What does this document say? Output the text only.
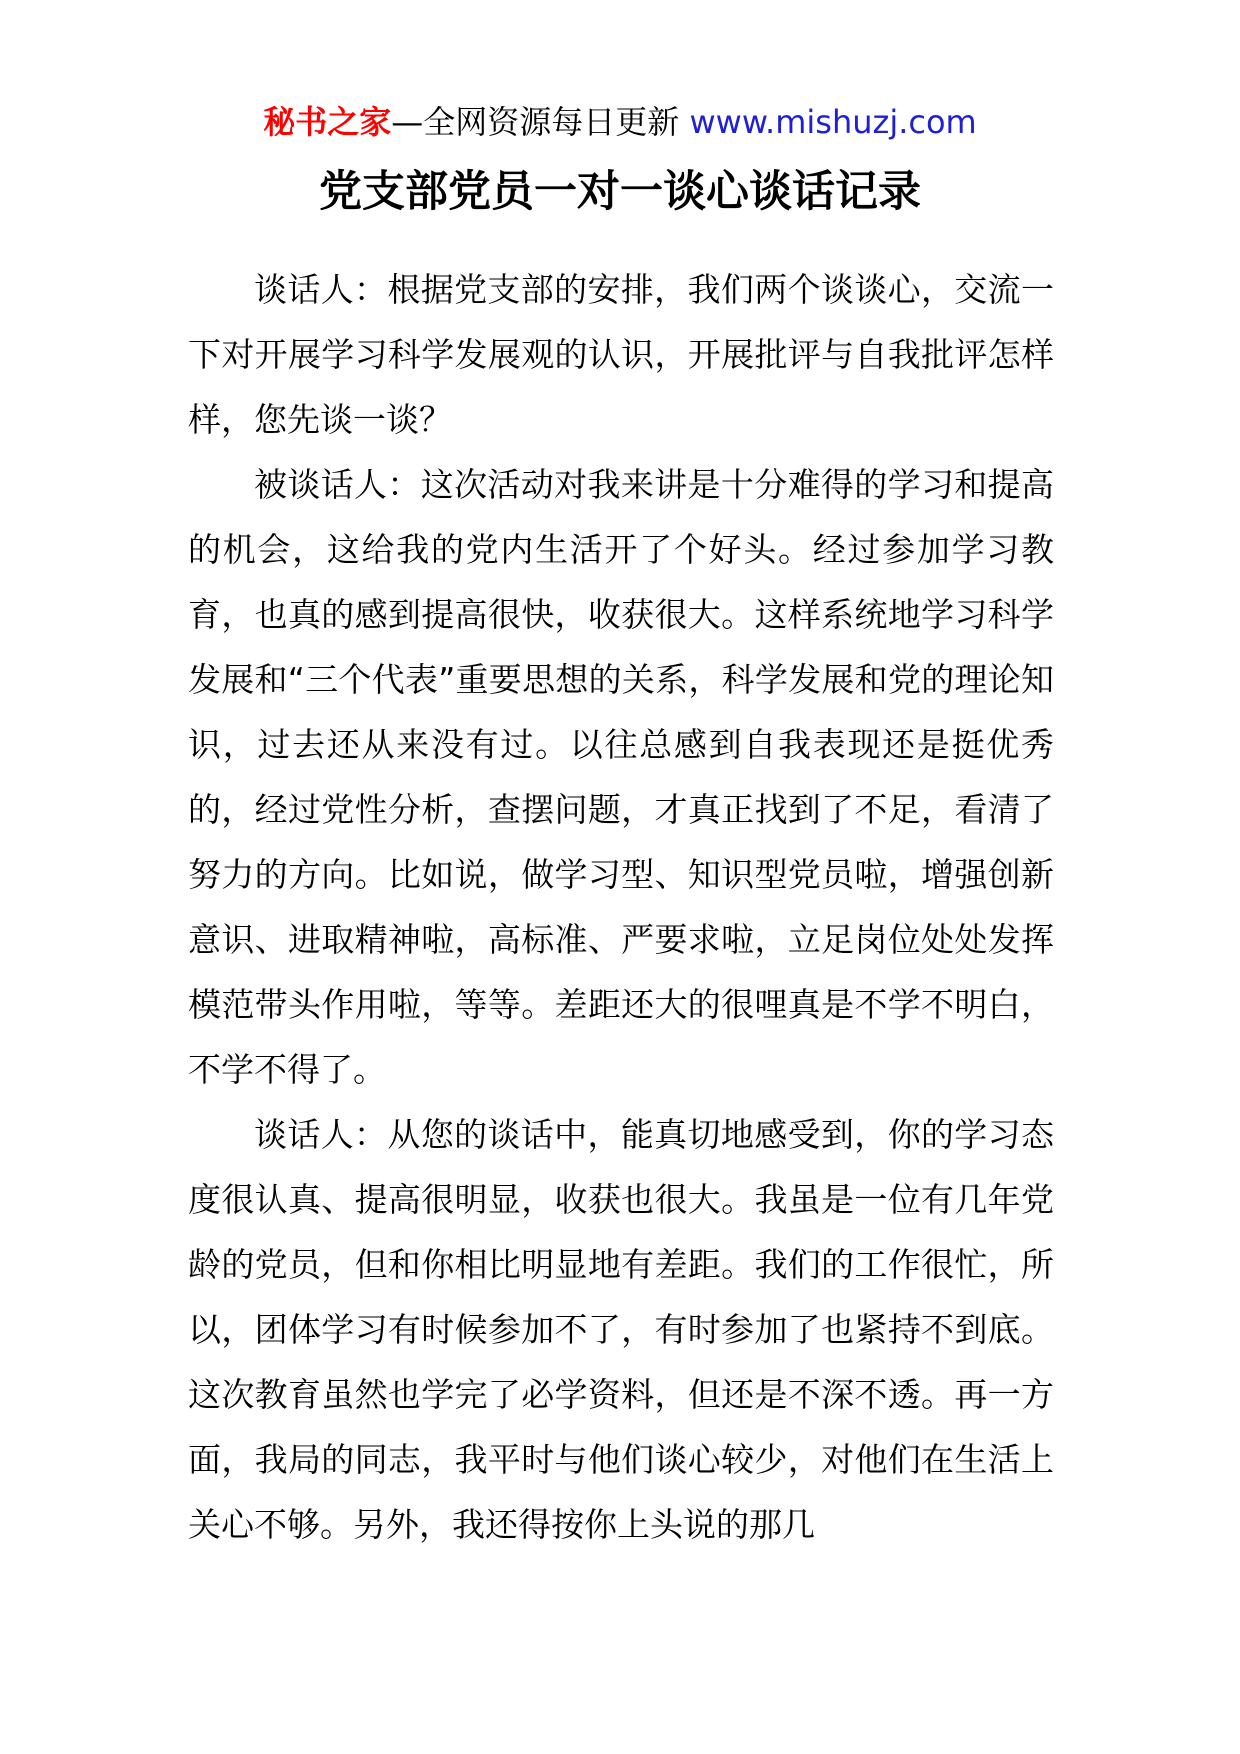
秘书之家—全网资源每日更新 www.mishuzj.com
党支部党员一对一谈心谈话记录

谈话人：根据党支部的安排，我们两个谈谈心，交流一下对开展学习科学发展观的认识，开展批评与自我批评怎样样，您先谈一谈？

被谈话人：这次活动对我来讲是十分难得的学习和提高的机会，这给我的党内生活开了个好头。经过参加学习教育，也真的感到提高很快，收获很大。这样系统地学习科学发展和“三个代表”重要思想的关系，科学发展和党的理论知识，过去还从来没有过。以往总感到自我表现还是挺优秀的，经过党性分析，查摆问题，才真正找到了不足，看清了努力的方向。比如说，做学习型、知识型党员啦，增强创新意识、进取精神啦，高标准、严要求啦，立足岗位处处发挥模范带头作用啦，等等。差距还大的很哩真是不学不明白，不学不得了。

谈话人：从您的谈话中，能真切地感受到，你的学习态度很认真、提高很明显，收获也很大。我虽是一位有几年党龄的党员，但和你相比明显地有差距。我们的工作很忙，所以，团体学习有时候参加不了，有时参加了也紧持不到底。这次教育虽然也学完了必学资料，但还是不深不透。再一方面，我局的同志，我平时与他们谈心较少，对他们在生活上关心不够。另外，我还得按你上头说的那几
